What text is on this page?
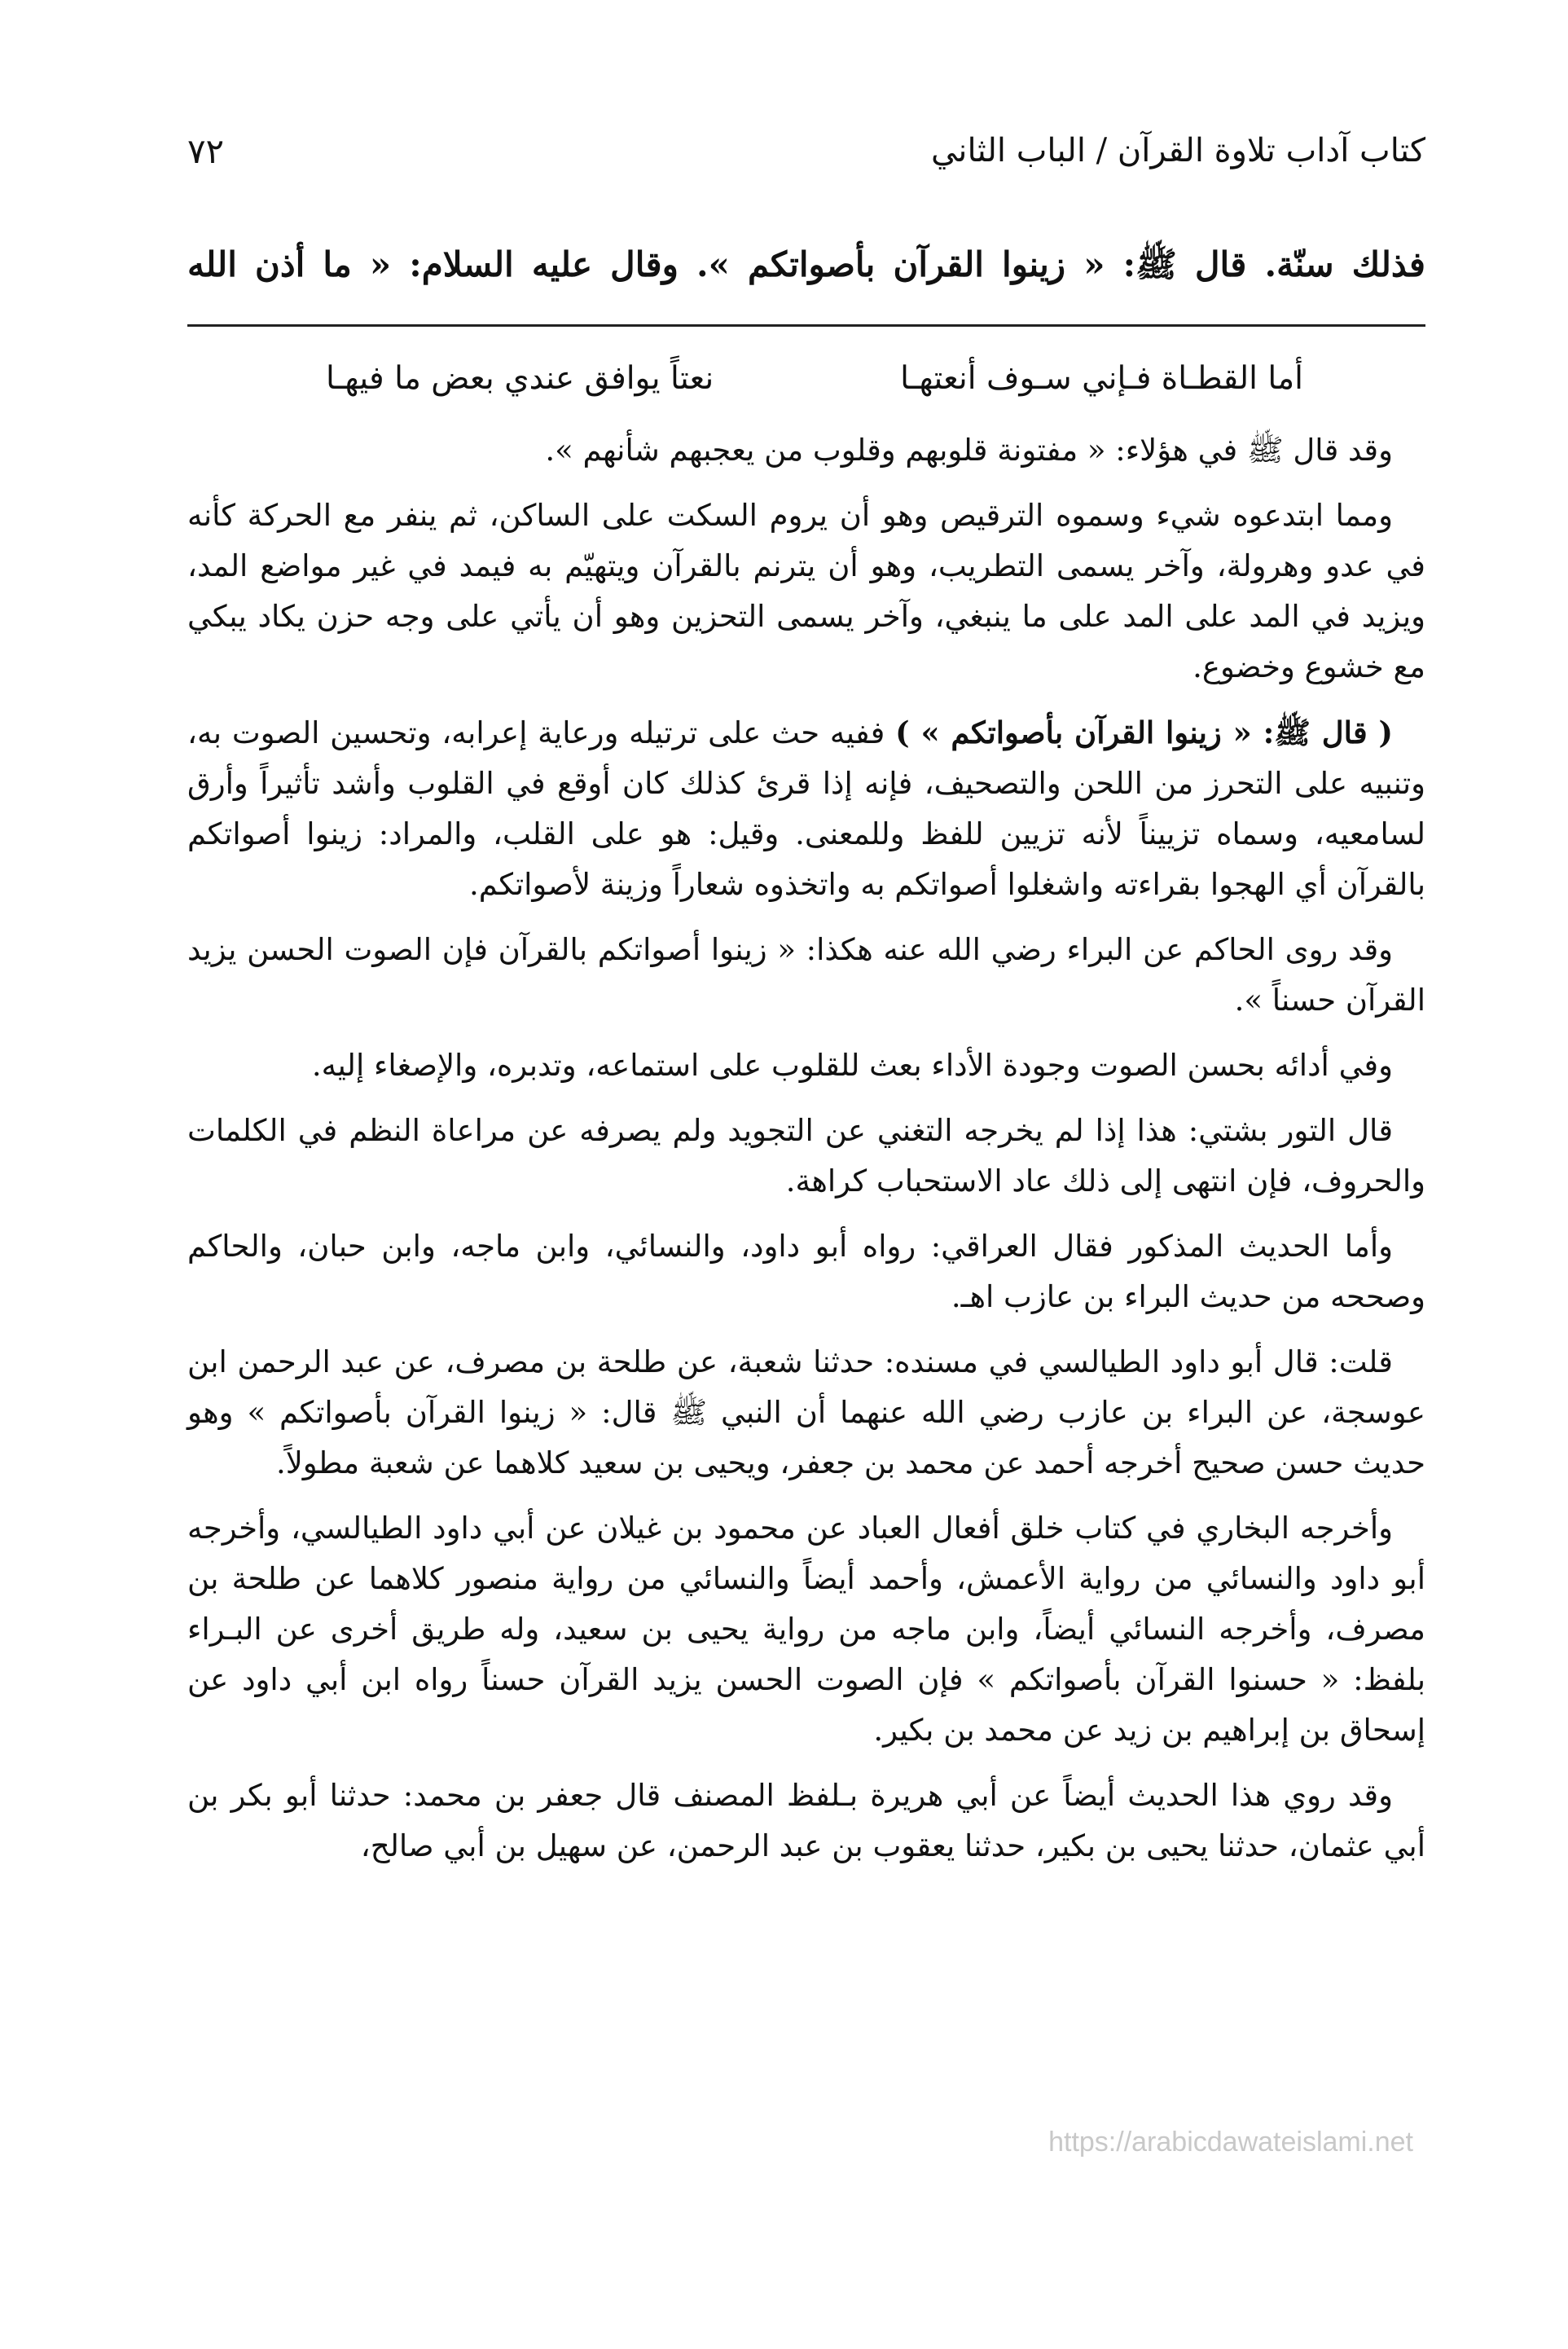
كتاب آداب تلاوة القرآن / الباب الثاني
٧٢
فذلك سنّة. قال ﷺ: « زينوا القرآن بأصواتكم ». وقال عليه السلام: « ما أذن الله
أما القطـاة فـإني سـوف أنعتهـا
نعتاً يوافق عندي بعض ما فيهـا

وقد قال ﷺ في هؤلاء: « مفتونة قلوبهم وقلوب من يعجبهم شأنهم ».

ومما ابتدعوه شيء وسموه الترقيص وهو أن يروم السكت على الساكن، ثم ينفر مع الحركة كأنه في عدو وهرولة، وآخر يسمى التطريب، وهو أن يترنم بالقرآن ويتهيّم به فيمد في غير مواضع المد، ويزيد في المد على المد على ما ينبغي، وآخر يسمى التحزين وهو أن يأتي على وجه حزن يكاد يبكي مع خشوع وخضوع.

( قال ﷺ: « زينوا القرآن بأصواتكم » ) ففيه حث على ترتيله ورعاية إعرابه، وتحسين الصوت به، وتنبيه على التحرز من اللحن والتصحيف، فإنه إذا قرئ كذلك كان أوقع في القلوب وأشد تأثيراً وأرق لسامعيه، وسماه تزييناً لأنه تزيين للفظ وللمعنى. وقيل: هو على القلب، والمراد: زينوا أصواتكم بالقرآن أي الهجوا بقراءته واشغلوا أصواتكم به واتخذوه شعاراً وزينة لأصواتكم.

وقد روى الحاكم عن البراء رضي الله عنه هكذا: « زينوا أصواتكم بالقرآن فإن الصوت الحسن يزيد القرآن حسناً ».

وفي أدائه بحسن الصوت وجودة الأداء بعث للقلوب على استماعه، وتدبره، والإصغاء إليه.

قال التور بشتي: هذا إذا لم يخرجه التغني عن التجويد ولم يصرفه عن مراعاة النظم في الكلمات والحروف، فإن انتهى إلى ذلك عاد الاستحباب كراهة.

وأما الحديث المذكور فقال العراقي: رواه أبو داود، والنسائي، وابن ماجه، وابن حبان، والحاكم وصححه من حديث البراء بن عازب اهـ.

قلت: قال أبو داود الطيالسي في مسنده: حدثنا شعبة، عن طلحة بن مصرف، عن عبد الرحمن ابن عوسجة، عن البراء بن عازب رضي الله عنهما أن النبي ﷺ قال: « زينوا القرآن بأصواتكم » وهو حديث حسن صحيح أخرجه أحمد عن محمد بن جعفر، ويحيى بن سعيد كلاهما عن شعبة مطولاً.

وأخرجه البخاري في كتاب خلق أفعال العباد عن محمود بن غيلان عن أبي داود الطيالسي، وأخرجه أبو داود والنسائي من رواية الأعمش، وأحمد أيضاً والنسائي من رواية منصور كلاهما عن طلحة بن مصرف، وأخرجه النسائي أيضاً، وابن ماجه من رواية يحيى بن سعيد، وله طريق أخرى عن البـراء بلفظ: « حسنوا القرآن بأصواتكم » فإن الصوت الحسن يزيد القرآن حسناً رواه ابن أبي داود عن إسحاق بن إبراهيم بن زيد عن محمد بن بكير.

وقد روي هذا الحديث أيضاً عن أبي هريرة بـلفظ المصنف قال جعفر بن محمد: حدثنا أبو بكر بن أبي عثمان، حدثنا يحيى بن بكير، حدثنا يعقوب بن عبد الرحمن، عن سهيل بن أبي صالح،

https://arabicdawateislami.net
